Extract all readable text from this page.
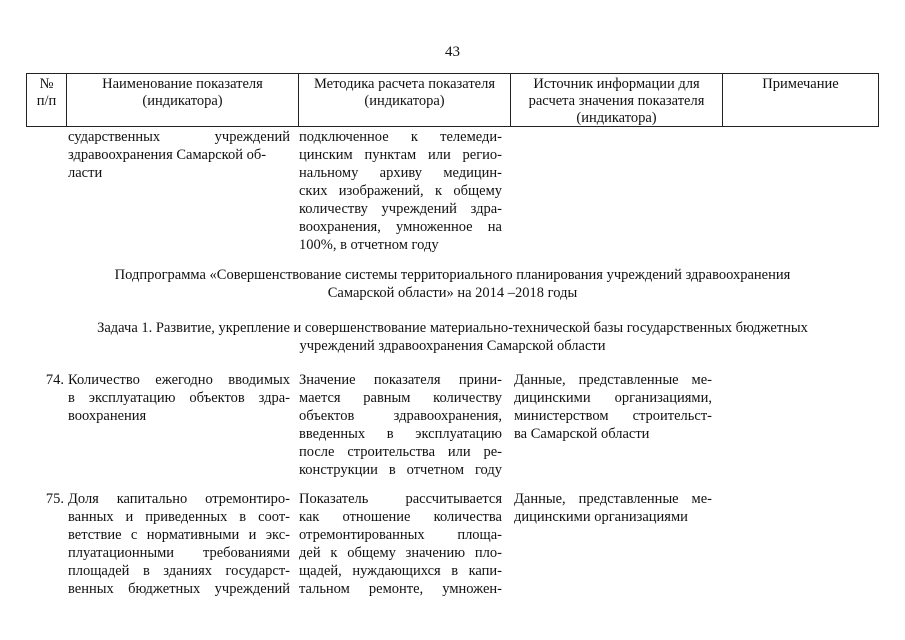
43
№
п/п
Наименование показателя
(индикатора)
Методика расчета показателя
(индикатора)
Источник информации для
расчета значения показателя
(индикатора)
Примечание
сударственных учреждений
здравоохранения Самарской об-
ласти
подключенное к телемеди-
цинским пунктам или регио-
нальному архиву медицин-
ских изображений, к общему
количеству учреждений здра-
воохранения, умноженное на
100%, в отчетном году
Подпрограмма «Совершенствование системы территориального планирования учреждений здравоохранения
Самарской области» на 2014 –2018 годы
Задача 1. Развитие, укрепление и совершенствование материально-технической базы государственных бюджетных
учреждений здравоохранения Самарской области
74. Количество ежегодно вводимых
в эксплуатацию объектов здра-
воохранения
Значение показателя прини-
мается равным количеству
объектов здравоохранения,
введенных в эксплуатацию
после строительства или ре-
конструкции в отчетном году
Данные, представленные ме-
дицинскими организациями,
министерством строительст-
ва Самарской области
75. Доля капитально отремонтиро-
ванных и приведенных в соот-
ветствие с нормативными и экс-
плуатационными требованиями
площадей в зданиях государст-
венных бюджетных учреждений
Показатель рассчитывается
как отношение количества
отремонтированных площа-
дей к общему значению пло-
щадей, нуждающихся в капи-
тальном ремонте, умножен-
Данные, представленные ме-
дицинскими организациями
